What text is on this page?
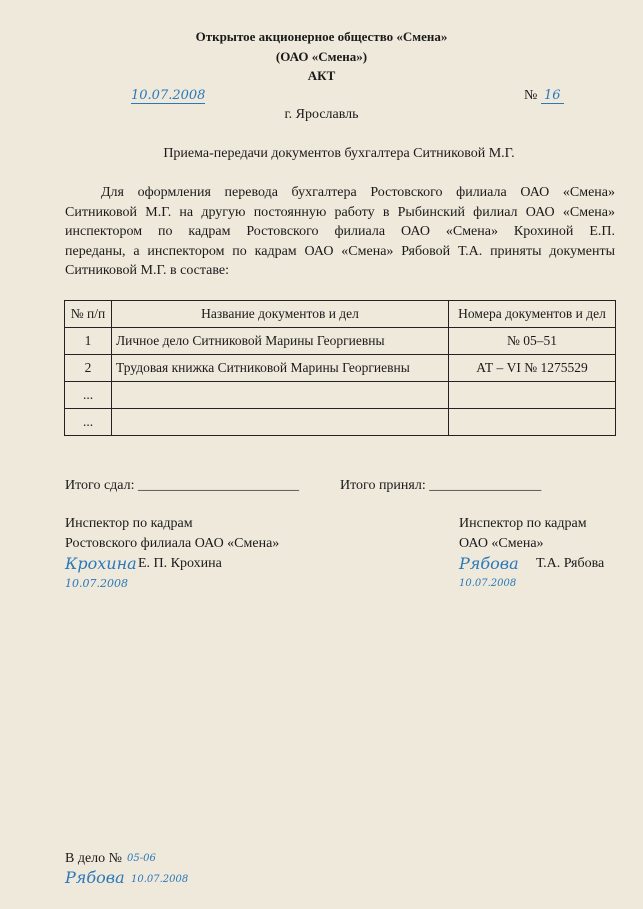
Открытое акционерное общество «Смена»
(ОАО «Смена»)
АКТ
10.07.2008	№ 16
г. Ярославль
Приема-передачи документов бухгалтера Ситниковой М.Г.
Для оформления перевода бухгалтера Ростовского филиала ОАО «Смена»
Ситниковой М.Г. на другую постоянную работу в Рыбинский филиал ОАО «Смена»
инспектором по кадрам Ростовского филиала ОАО «Смена» Крохиной Е.П.
переданы, а инспектором по кадрам ОАО «Смена» Рябовой Т.А. приняты документы
Ситниковой М.Г. в составе:
№ п/п	Название документов и дел	Номера документов и дел
1	Личное дело Ситниковой Марины Георгиевны	№ 05–51
2	Трудовая книжка Ситниковой Марины Георгиевны	АТ – VI № 1275529
...		
...		
Итого сдал: _______________________	Итого принял: ________________
Инспектор по кадрам
Ростовского филиала ОАО «Смена»
Крохина Е. П. Крохина
10.07.2008
Инспектор по кадрам
ОАО «Смена»
Рябова Т.А. Рябова
10.07.2008
В дело № 05-06
Рябова 10.07.2008
